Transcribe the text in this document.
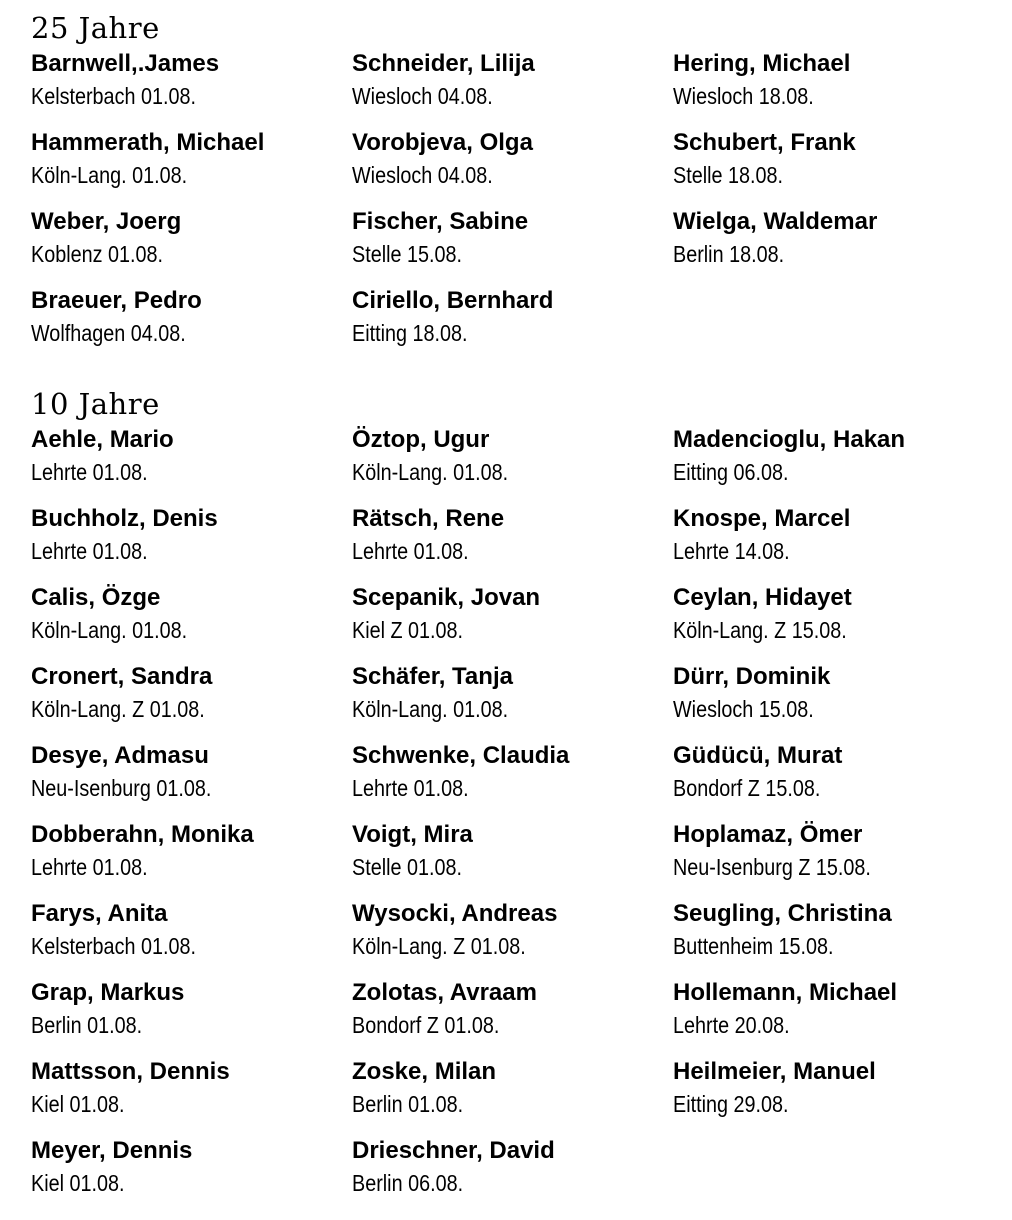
25 Jahre
Barnwell,.James
Kelsterbach 01.08.
Schneider, Lilija
Wiesloch 04.08.
Hering, Michael
Wiesloch 18.08.
Hammerath, Michael
Köln-Lang. 01.08.
Vorobjeva, Olga
Wiesloch 04.08.
Schubert, Frank
Stelle 18.08.
Weber, Joerg
Koblenz 01.08.
Fischer, Sabine
Stelle 15.08.
Wielga, Waldemar
Berlin 18.08.
Braeuer, Pedro
Wolfhagen 04.08.
Ciriello, Bernhard
Eitting 18.08.
10 Jahre
Aehle, Mario
Lehrte 01.08.
Öztop, Ugur
Köln-Lang. 01.08.
Madencioglu, Hakan
Eitting 06.08.
Buchholz, Denis
Lehrte 01.08.
Rätsch, Rene
Lehrte 01.08.
Knospe, Marcel
Lehrte 14.08.
Calis, Özge
Köln-Lang. 01.08.
Scepanik, Jovan
Kiel Z 01.08.
Ceylan, Hidayet
Köln-Lang. Z 15.08.
Cronert, Sandra
Köln-Lang. Z 01.08.
Schäfer, Tanja
Köln-Lang. 01.08.
Dürr, Dominik
Wiesloch 15.08.
Desye, Admasu
Neu-Isenburg 01.08.
Schwenke, Claudia
Lehrte 01.08.
Güdücü, Murat
Bondorf Z 15.08.
Dobberahn, Monika
Lehrte 01.08.
Voigt, Mira
Stelle 01.08.
Hoplamaz, Ömer
Neu-Isenburg Z 15.08.
Farys, Anita
Kelsterbach 01.08.
Wysocki, Andreas
Köln-Lang. Z 01.08.
Seugling, Christina
Buttenheim 15.08.
Grap, Markus
Berlin 01.08.
Zolotas, Avraam
Bondorf Z 01.08.
Hollemann, Michael
Lehrte 20.08.
Mattsson, Dennis
Kiel 01.08.
Zoske, Milan
Berlin 01.08.
Heilmeier, Manuel
Eitting 29.08.
Meyer, Dennis
Kiel 01.08.
Drieschner, David
Berlin 06.08.
